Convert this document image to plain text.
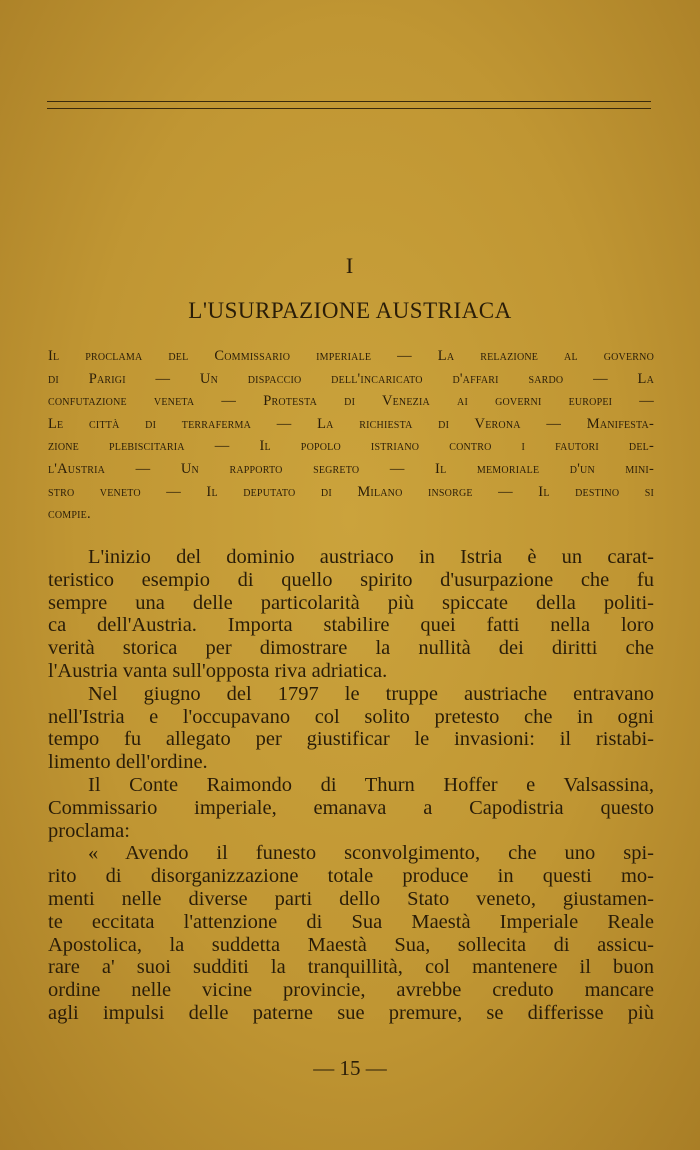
I
L'USURPAZIONE AUSTRIACA
Il proclama del Commissario imperiale — La relazione al governo
di Parigi — Un dispaccio dell'incaricato d'affari sardo — La
confutazione veneta — Protesta di Venezia ai governi europei —
Le città di terraferma — La richiesta di Verona — Manifesta-
zione plebiscitaria — Il popolo istriano contro i fautori del-
l'Austria — Un rapporto segreto — Il memoriale d'un mini-
stro veneto — Il deputato di Milano insorge — Il destino si
compie.
L'inizio del dominio austriaco in Istria è un carat-
teristico esempio di quello spirito d'usurpazione che fu
sempre una delle particolarità più spiccate della politi-
ca dell'Austria. Importa stabilire quei fatti nella loro
verità storica per dimostrare la nullità dei diritti che
l'Austria vanta sull'opposta riva adriatica.
Nel giugno del 1797 le truppe austriache entravano
nell'Istria e l'occupavano col solito pretesto che in ogni
tempo fu allegato per giustificar le invasioni: il ristabi-
limento dell'ordine.
Il Conte Raimondo di Thurn Hoffer e Valsassina,
Commissario imperiale, emanava a Capodistria questo
proclama:
« Avendo il funesto sconvolgimento, che uno spi-
rito di disorganizzazione totale produce in questi mo-
menti nelle diverse parti dello Stato veneto, giustamen-
te eccitata l'attenzione di Sua Maestà Imperiale Reale
Apostolica, la suddetta Maestà Sua, sollecita di assicu-
rare a' suoi sudditi la tranquillità, col mantenere il buon
ordine nelle vicine provincie, avrebbe creduto mancare
agli impulsi delle paterne sue premure, se differisse più
— 15 —
